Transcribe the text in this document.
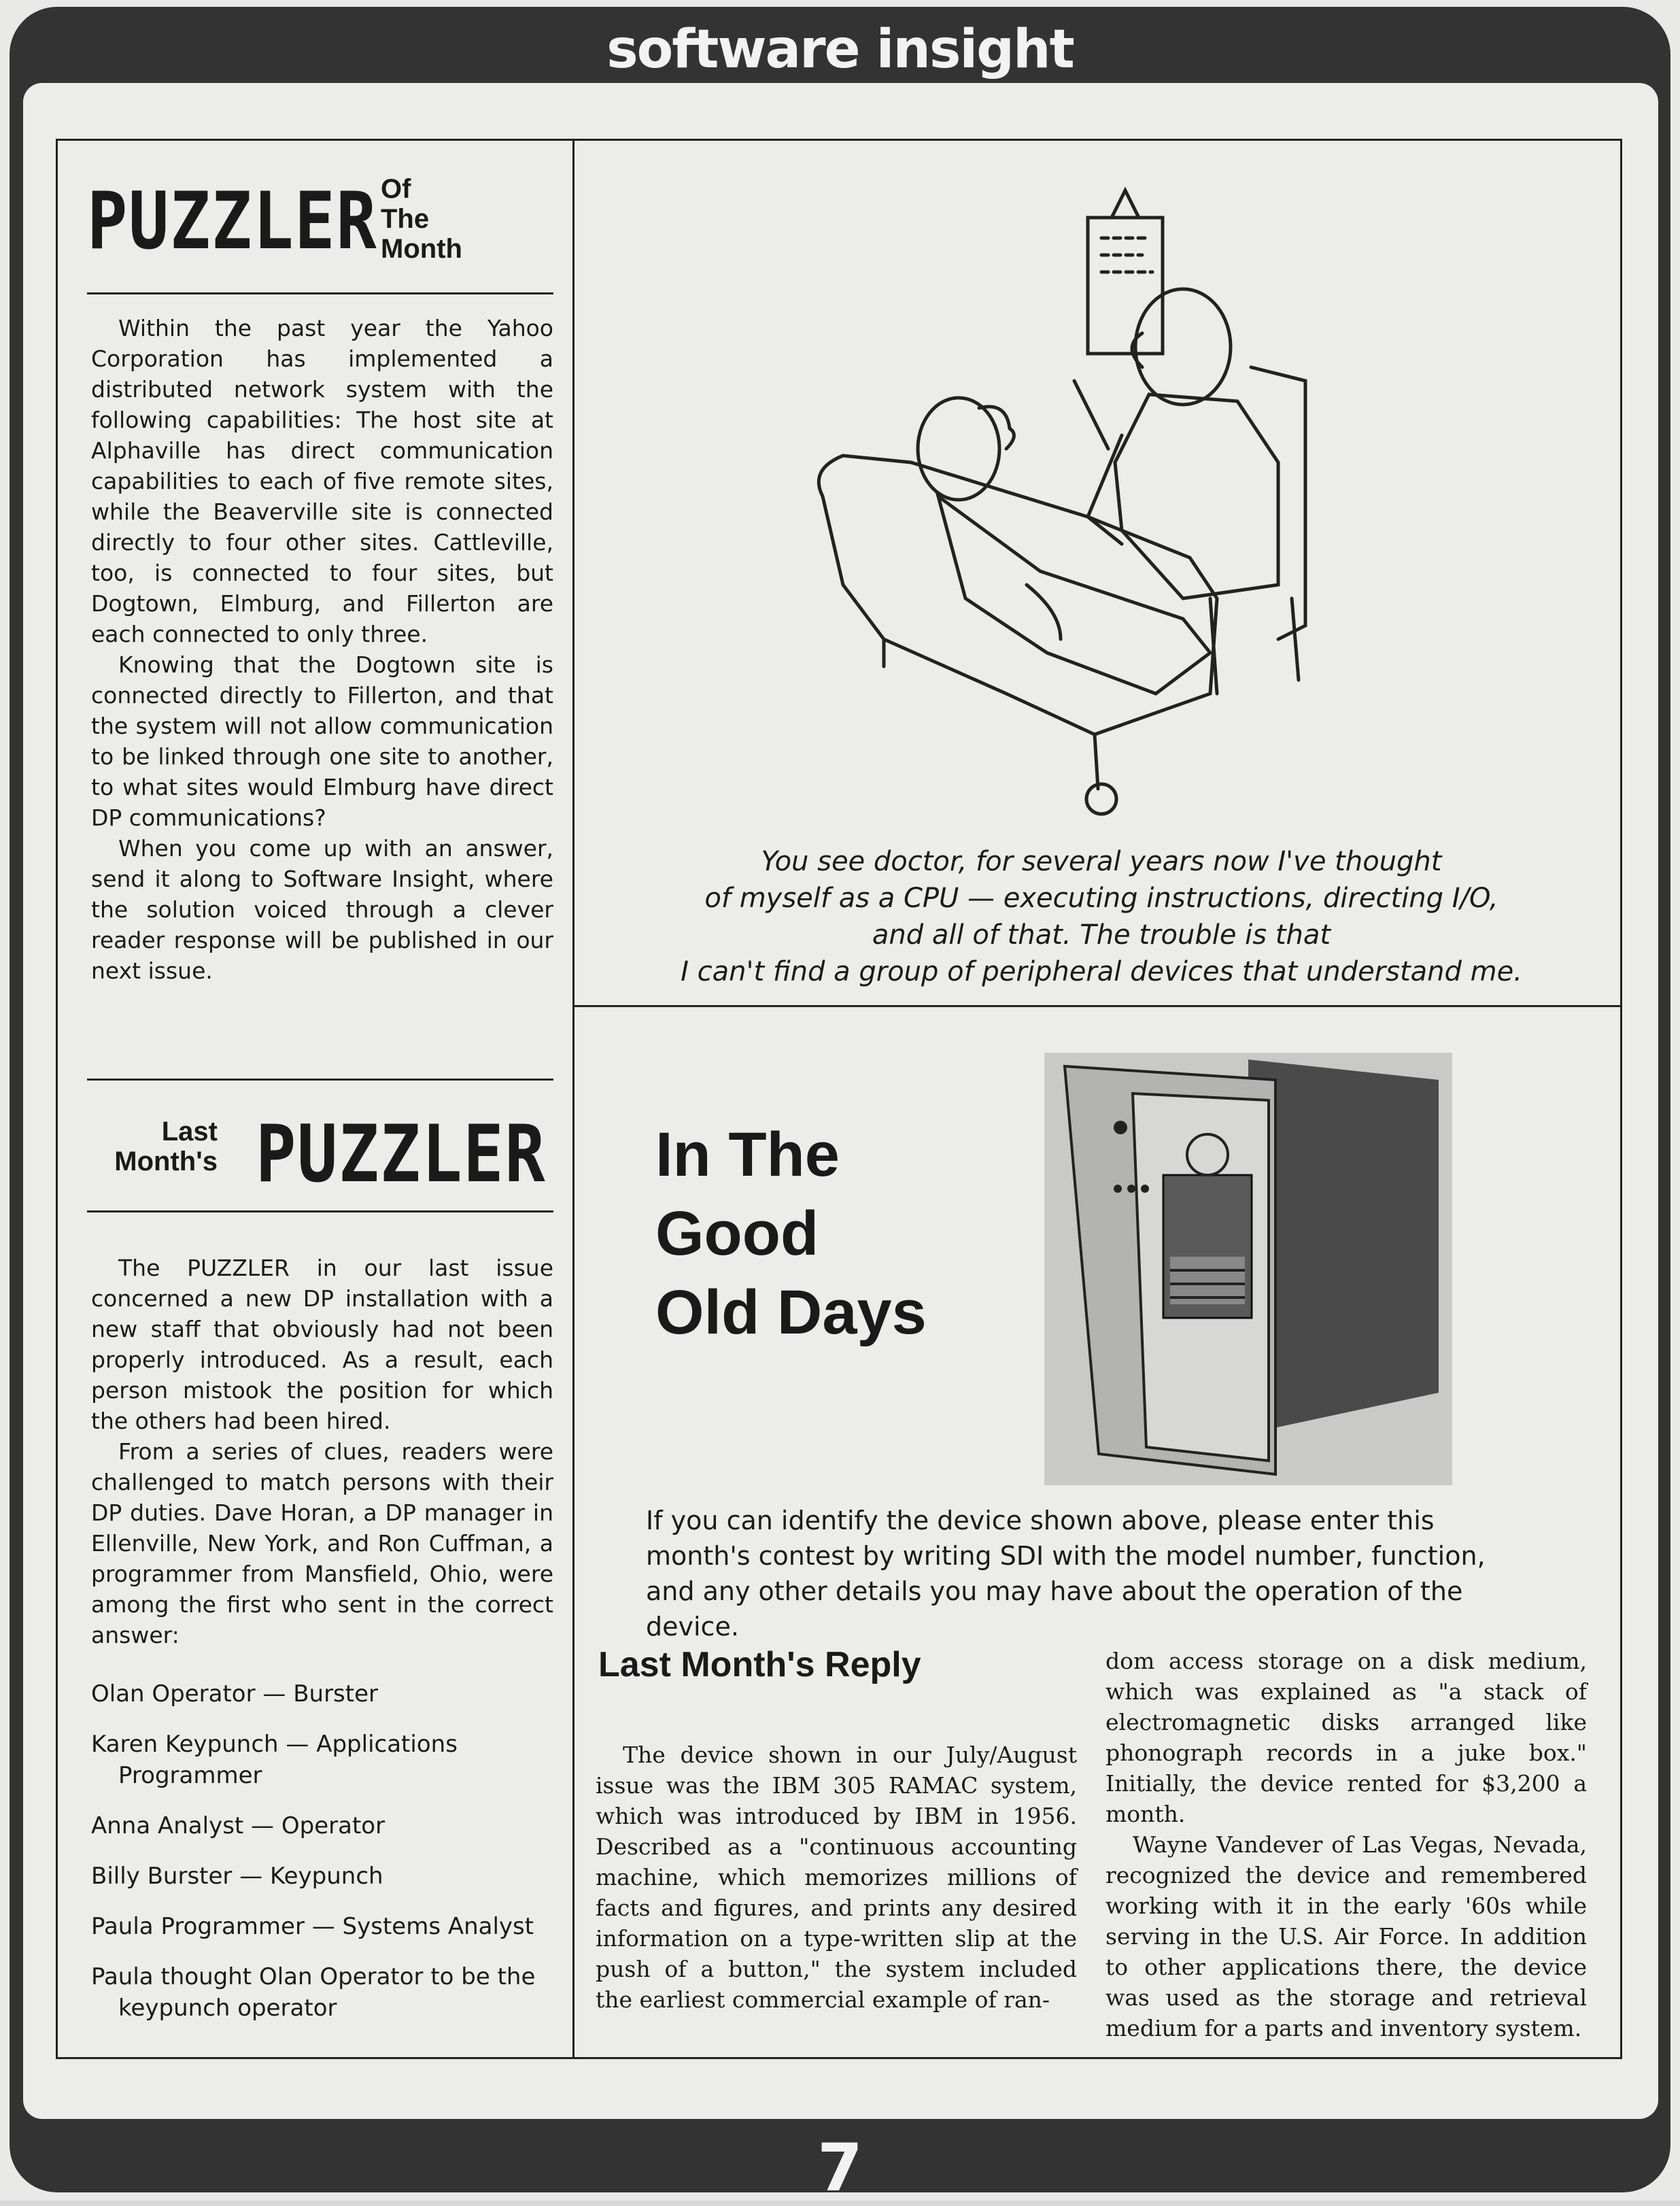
software insight
7
PUZZLER Of
The
Month

Within the past year the Yahoo Corporation has implemented a distributed network system with the following capabilities: The host site at Alphaville has direct communication capabilities to each of five remote sites, while the Beaverville site is connected directly to four other sites. Cattleville, too, is connected to four sites, but Dogtown, Elmburg, and Fillerton are each connected to only three.

Knowing that the Dogtown site is connected directly to Fillerton, and that the system will not allow communication to be linked through one site to another, to what sites would Elmburg have direct DP communications?

When you come up with an answer, send it along to Software Insight, where the solution voiced through a clever reader response will be published in our next issue.

Last
Month's PUZZLER

The PUZZLER in our last issue concerned a new DP installation with a new staff that obviously had not been properly introduced. As a result, each person mistook the position for which the others had been hired.

From a series of clues, readers were challenged to match persons with their DP duties. Dave Horan, a DP manager in Ellenville, New York, and Ron Cuffman, a programmer from Mansfield, Ohio, were among the first who sent in the correct answer:

Olan Operator — Burster
Karen Keypunch — Applications Programmer
Anna Analyst — Operator
Billy Burster — Keypunch
Paula Programmer — Systems Analyst
Paula thought Olan Operator to be the keypunch operator
You see doctor, for several years now I've thought
of myself as a CPU — executing instructions, directing I/O,
and all of that. The trouble is that
I can't find a group of peripheral devices that understand me.
In The
Good
Old Days
If you can identify the device shown above, please enter this month's contest by writing SDI with the model number, function, and any other details you may have about the operation of the device.
Last Month's Reply

The device shown in our July/August issue was the IBM 305 RAMAC system, which was introduced by IBM in 1956. Described as a "continuous accounting machine, which memorizes millions of facts and figures, and prints any desired information on a type-written slip at the push of a button," the system included the earliest commercial example of ran-

dom access storage on a disk medium, which was explained as "a stack of electromagnetic disks arranged like phonograph records in a juke box." Initially, the device rented for $3,200 a month.

Wayne Vandever of Las Vegas, Nevada, recognized the device and remembered working with it in the early '60s while serving in the U.S. Air Force. In addition to other applications there, the device was used as the storage and retrieval medium for a parts and inventory system.
